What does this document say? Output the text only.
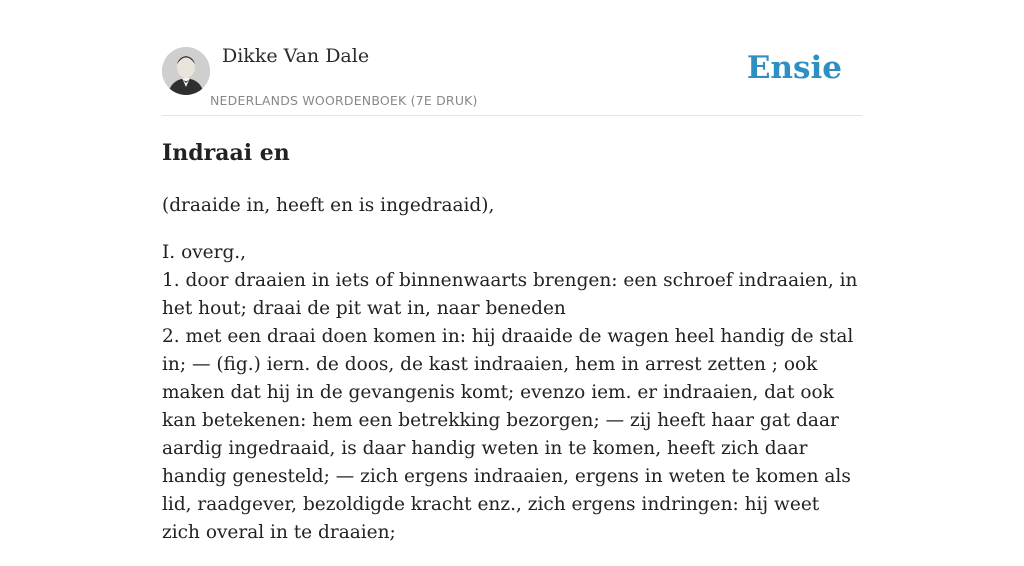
Dikke Van Dale
NEDERLANDS WOORDENBOEK (7E DRUK)
Ensie
Indraai en

(draaide in, heeft en is ingedraaid),

I. overg.,
1. door draaien in iets of binnenwaarts brengen: een schroef indraaien, in het hout; draai de pit wat in, naar beneden
2. met een draai doen komen in: hij draaide de wagen heel handig de stal in; — (fig.) iern. de doos, de kast indraaien, hem in arrest zetten ; ook maken dat hij in de gevangenis komt; evenzo iem. er indraaien, dat ook kan betekenen: hem een betrekking bezorgen; — zij heeft haar gat daar aardig ingedraaid, is daar handig weten in te komen, heeft zich daar handig genesteld; — zich ergens indraaien, ergens in weten te komen als lid, raadgever, bezoldigde kracht enz., zich ergens indringen: hij weet zich overal in te draaien;
